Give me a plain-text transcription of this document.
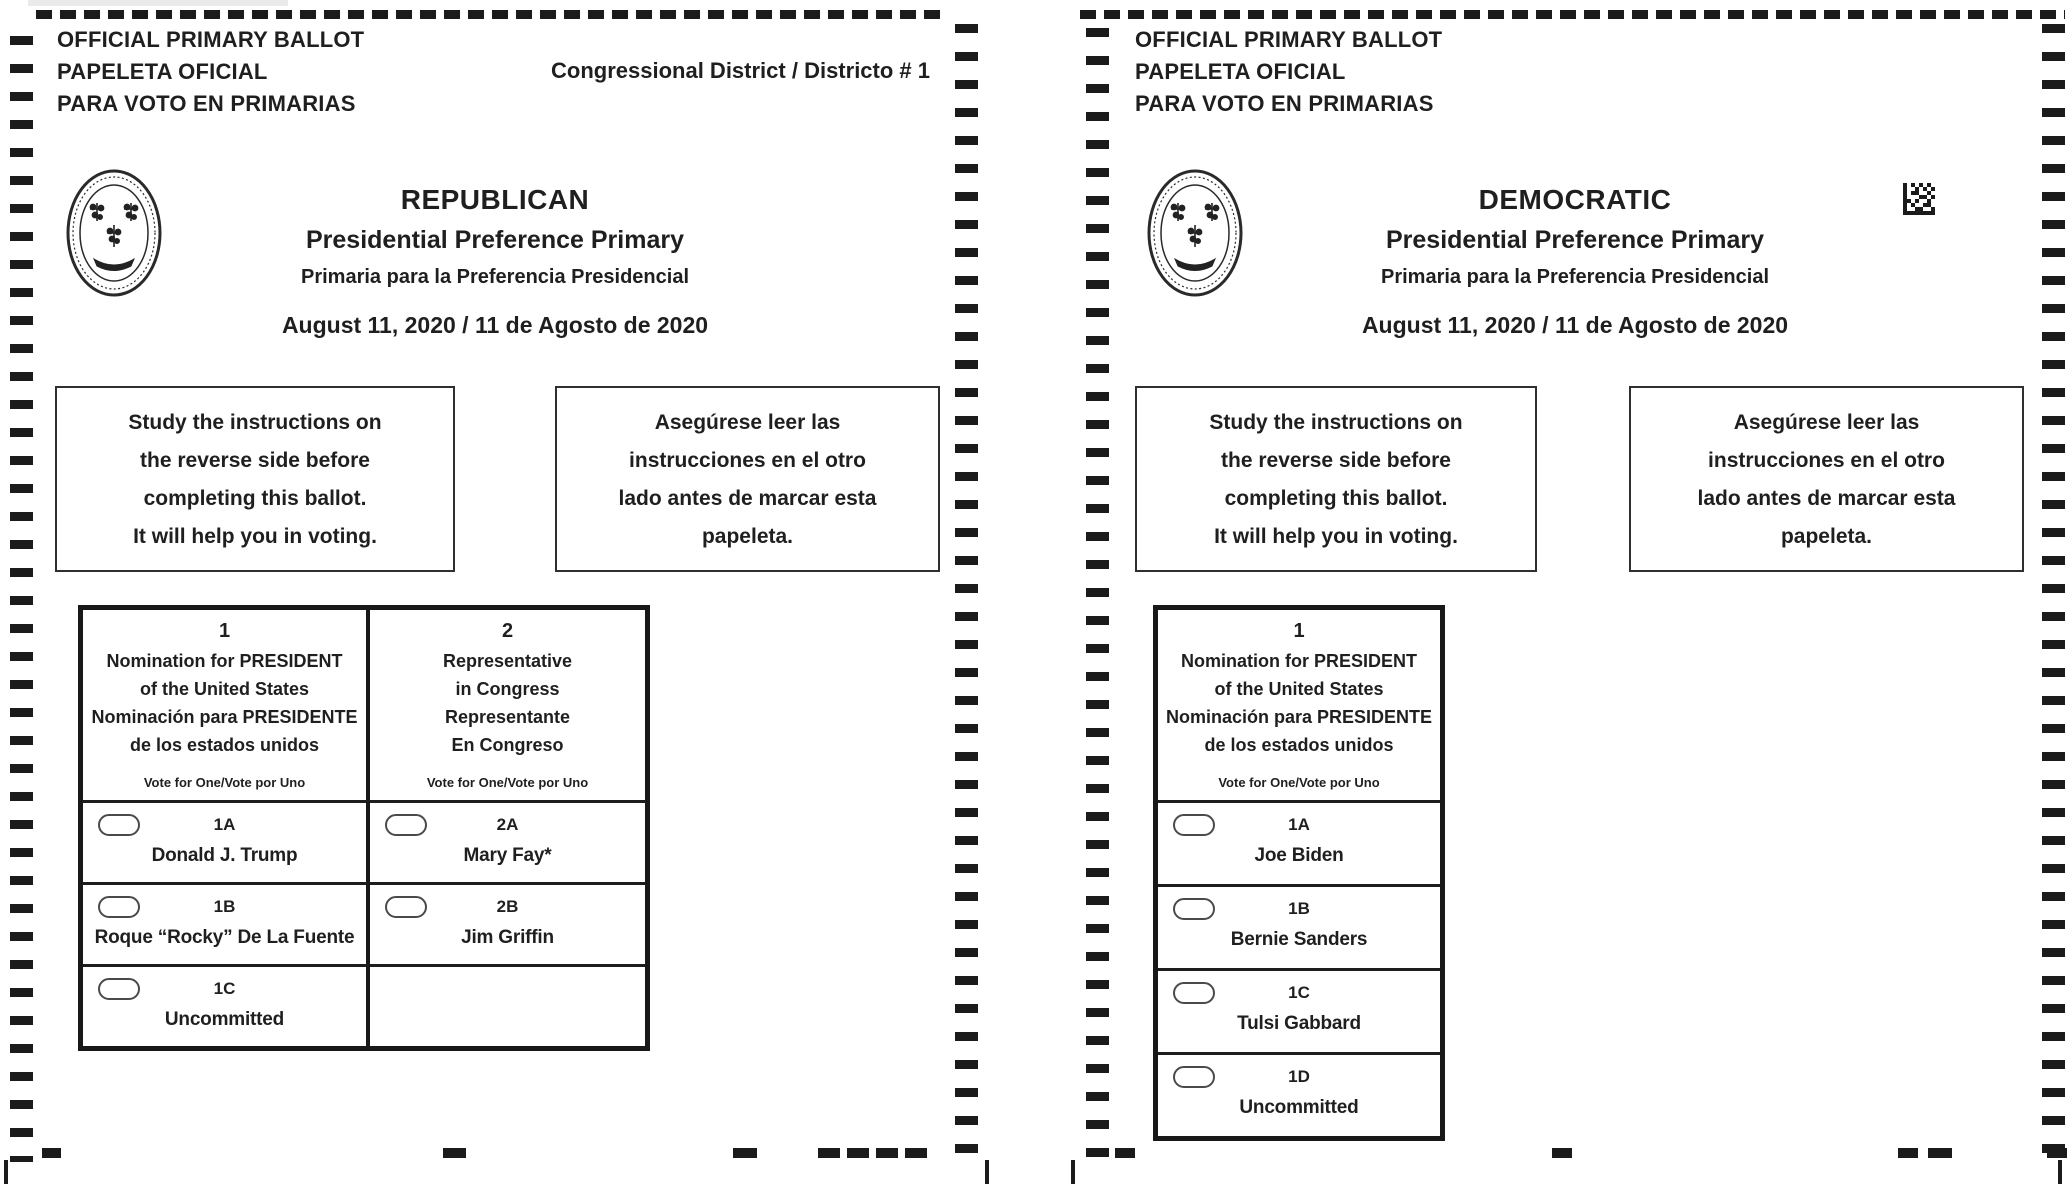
OFFICIAL PRIMARY BALLOT
PAPELETA OFICIAL
PARA VOTO EN PRIMARIAS
Congressional District / Districto # 1
REPUBLICAN
Presidential Preference Primary
Primaria para la Preferencia Presidencial
August 11, 2020 / 11 de Agosto de 2020
Study the instructions on
the reverse side before
completing this ballot.
It will help you in voting.
Asegúrese leer las
instrucciones en el otro
lado antes de marcar esta
papeleta.
1
Nomination for PRESIDENT
of the United States
Nominación para PRESIDENTE
de los estados unidos
Vote for One/Vote por Uno
2
Representative
in Congress
Representante
En Congreso
Vote for One/Vote por Uno
1A
Donald J. Trump
2A
Mary Fay*
1B
Roque “Rocky” De La Fuente
2B
Jim Griffin
1C
Uncommitted
OFFICIAL PRIMARY BALLOT
PAPELETA OFICIAL
PARA VOTO EN PRIMARIAS
DEMOCRATIC
Presidential Preference Primary
Primaria para la Preferencia Presidencial
August 11, 2020 / 11 de Agosto de 2020
Study the instructions on
the reverse side before
completing this ballot.
It will help you in voting.
Asegúrese leer las
instrucciones en el otro
lado antes de marcar esta
papeleta.
1
Nomination for PRESIDENT
of the United States
Nominación para PRESIDENTE
de los estados unidos
Vote for One/Vote por Uno
1A
Joe Biden
1B
Bernie Sanders
1C
Tulsi Gabbard
1D
Uncommitted
